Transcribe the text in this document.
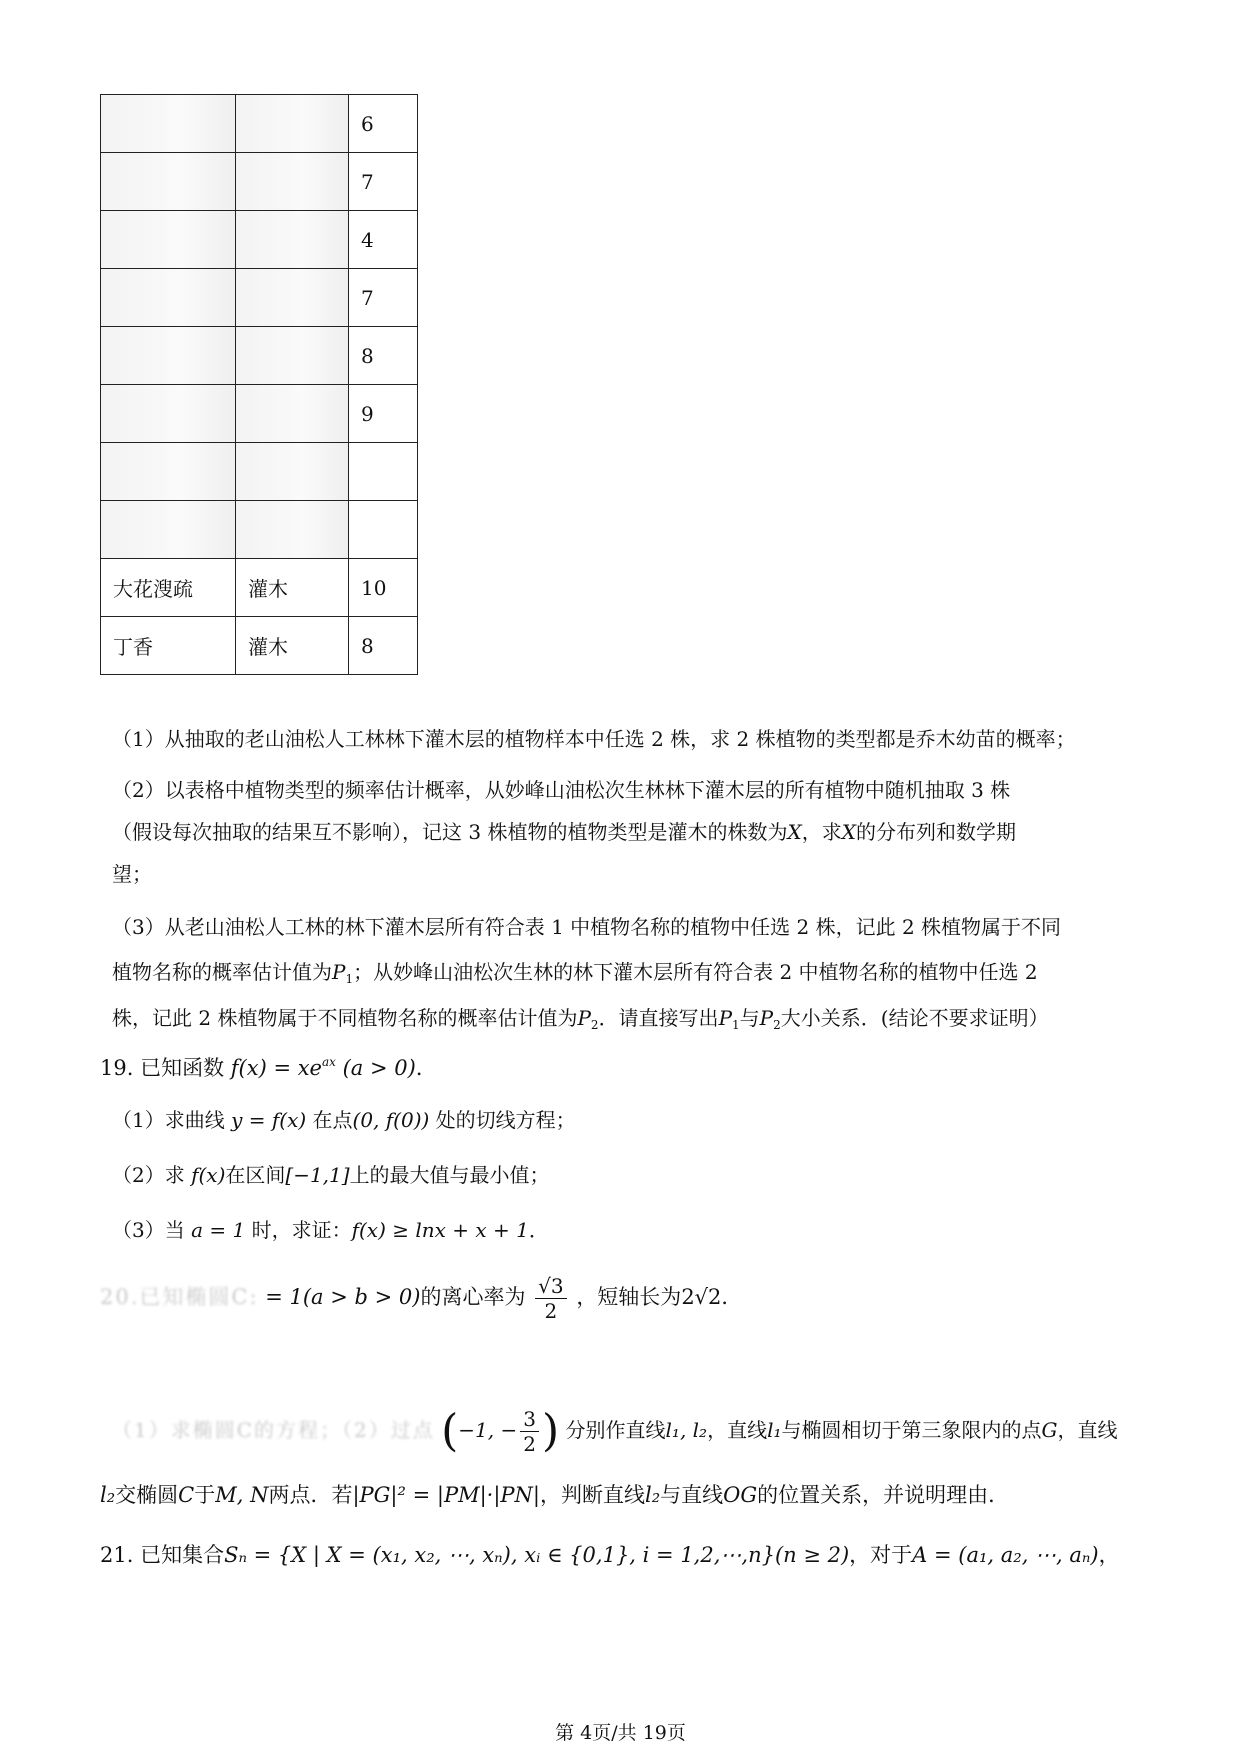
		6
		7
		4
		7
		8
		9

大花溲疏	灌木	10
丁香	灌木	8
（1）从抽取的老山油松人工林林下灌木层的植物样本中任选 2 株，求 2 株植物的类型都是乔木幼苗的概率；
（2）以表格中植物类型的频率估计概率，从妙峰山油松次生林林下灌木层的所有植物中随机抽取 3 株
（假设每次抽取的结果互不影响），记这 3 株植物的植物类型是灌木的株数为X，求X的分布列和数学期
望；
（3）从老山油松人工林的林下灌木层所有符合表 1 中植物名称的植物中任选 2 株，记此 2 株植物属于不同
植物名称的概率估计值为$P_1$；从妙峰山油松次生林的林下灌木层所有符合表 2 中植物名称的植物中任选 2
株，记此 2 株植物属于不同植物名称的概率估计值为$P_2$．请直接写出$P_1$与$P_2$大小关系．(结论不要求证明）
19. 已知函数 $f(x) = xe^{ax}$ (a > 0)．
（1）求曲线 y = f(x) 在点(0, f(0)) 处的切线方程；
（2）求 f(x)在区间[−1,1]上的最大值与最小值；
（3）当 a = 1 时，求证：f(x) ≥ lnx + x + 1．
20.已知椭圆C: = 1(a > b > 0)的离心率为 $\frac{√3}{2}$ ，短轴长为2√2．
（1）求椭圆C的方程；（2）过点 (−1, − $\frac{3}{2}$ ) 分别作直线l₁, l₂，直线l₁与椭圆相切于第三象限内的点G，直线
l₂交椭圆C于M, N两点．若|PG|² = |PM|·|PN|，判断直线l₂与直线OG的位置关系，并说明理由．
21. 已知集合Sₙ = {X | X = (x₁, x₂, ⋯, xₙ), xᵢ ∈ {0,1}, i = 1,2,⋯,n}(n ≥ 2)，对于A = (a₁, a₂, ⋯, aₙ)，
第 4页/共 19页
